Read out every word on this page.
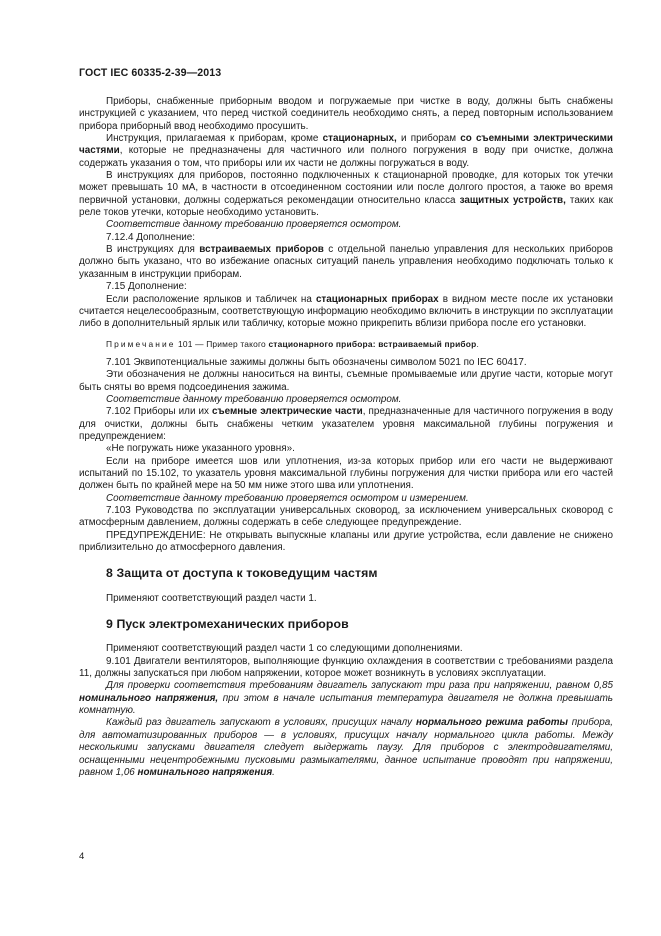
ГОСТ IEC 60335-2-39—2013

Приборы, снабженные приборным вводом и погружаемые при чистке в воду, должны быть снабжены инструкцией с указанием, что перед чисткой соединитель необходимо снять, а перед повторным использованием прибора приборный ввод необходимо просушить.

Инструкция, прилагаемая к приборам, кроме стационарных, и приборам со съемными электрическими частями, которые не предназначены для частичного или полного погружения в воду при очистке, должна содержать указания о том, что приборы или их части не должны погружаться в воду.

В инструкциях для приборов, постоянно подключенных к стационарной проводке, для которых ток утечки может превышать 10 мА, в частности в отсоединенном состоянии или после долгого простоя, а также во время первичной установки, должны содержаться рекомендации относительно класса защитных устройств, таких как реле токов утечки, которые необходимо установить.

Соответствие данному требованию проверяется осмотром.

7.12.4 Дополнение:

В инструкциях для встраиваемых приборов с отдельной панелью управления для нескольких приборов должно быть указано, что во избежание опасных ситуаций панель управления необходимо подключать только к указанным в инструкции приборам.

7.15 Дополнение:

Если расположение ярлыков и табличек на стационарных приборах в видном месте после их установки считается нецелесообразным, соответствующую информацию необходимо включить в инструкции по эксплуатации либо в дополнительный ярлык или табличку, которые можно прикрепить вблизи прибора после его установки.

Примечание 101 — Пример такого стационарного прибора: встраиваемый прибор.

7.101 Эквипотенциальные зажимы должны быть обозначены символом 5021 по IEC 60417.

Эти обозначения не должны наноситься на винты, съемные промываемые или другие части, которые могут быть сняты во время подсоединения зажима.

Соответствие данному требованию проверяется осмотром.

7.102 Приборы или их съемные электрические части, предназначенные для частичного погружения в воду для очистки, должны быть снабжены четким указателем уровня максимальной глубины погружения и предупреждением:

«Не погружать ниже указанного уровня».

Если на приборе имеется шов или уплотнения, из-за которых прибор или его части не выдерживают испытаний по 15.102, то указатель уровня максимальной глубины погружения для чистки прибора или его частей должен быть по крайней мере на 50 мм ниже этого шва или уплотнения.

Соответствие данному требованию проверяется осмотром и измерением.

7.103 Руководства по эксплуатации универсальных сковород, за исключением универсальных сковород с атмосферным давлением, должны содержать в себе следующее предупреждение.

ПРЕДУПРЕЖДЕНИЕ: Не открывать выпускные клапаны или другие устройства, если давление не снижено приблизительно до атмосферного давления.

8 Защита от доступа к токоведущим частям

Применяют соответствующий раздел части 1.

9 Пуск электромеханических приборов

Применяют соответствующий раздел части 1 со следующими дополнениями.

9.101 Двигатели вентиляторов, выполняющие функцию охлаждения в соответствии с требованиями раздела 11, должны запускаться при любом напряжении, которое может возникнуть в условиях эксплуатации.

Для проверки соответствия требованиям двигатель запускают три раза при напряжении, равном 0,85 номинального напряжения, при этом в начале испытания температура двигателя не должна превышать комнатную.

Каждый раз двигатель запускают в условиях, присущих началу нормального режима работы прибора, для автоматизированных приборов — в условиях, присущих началу нормального цикла работы. Между несколькими запусками двигателя следует выдержать паузу. Для приборов с электродвигателями, оснащенными нецентробежными пусковыми размыкателями, данное испытание проводят при напряжении, равном 1,06 номинального напряжения.

4
